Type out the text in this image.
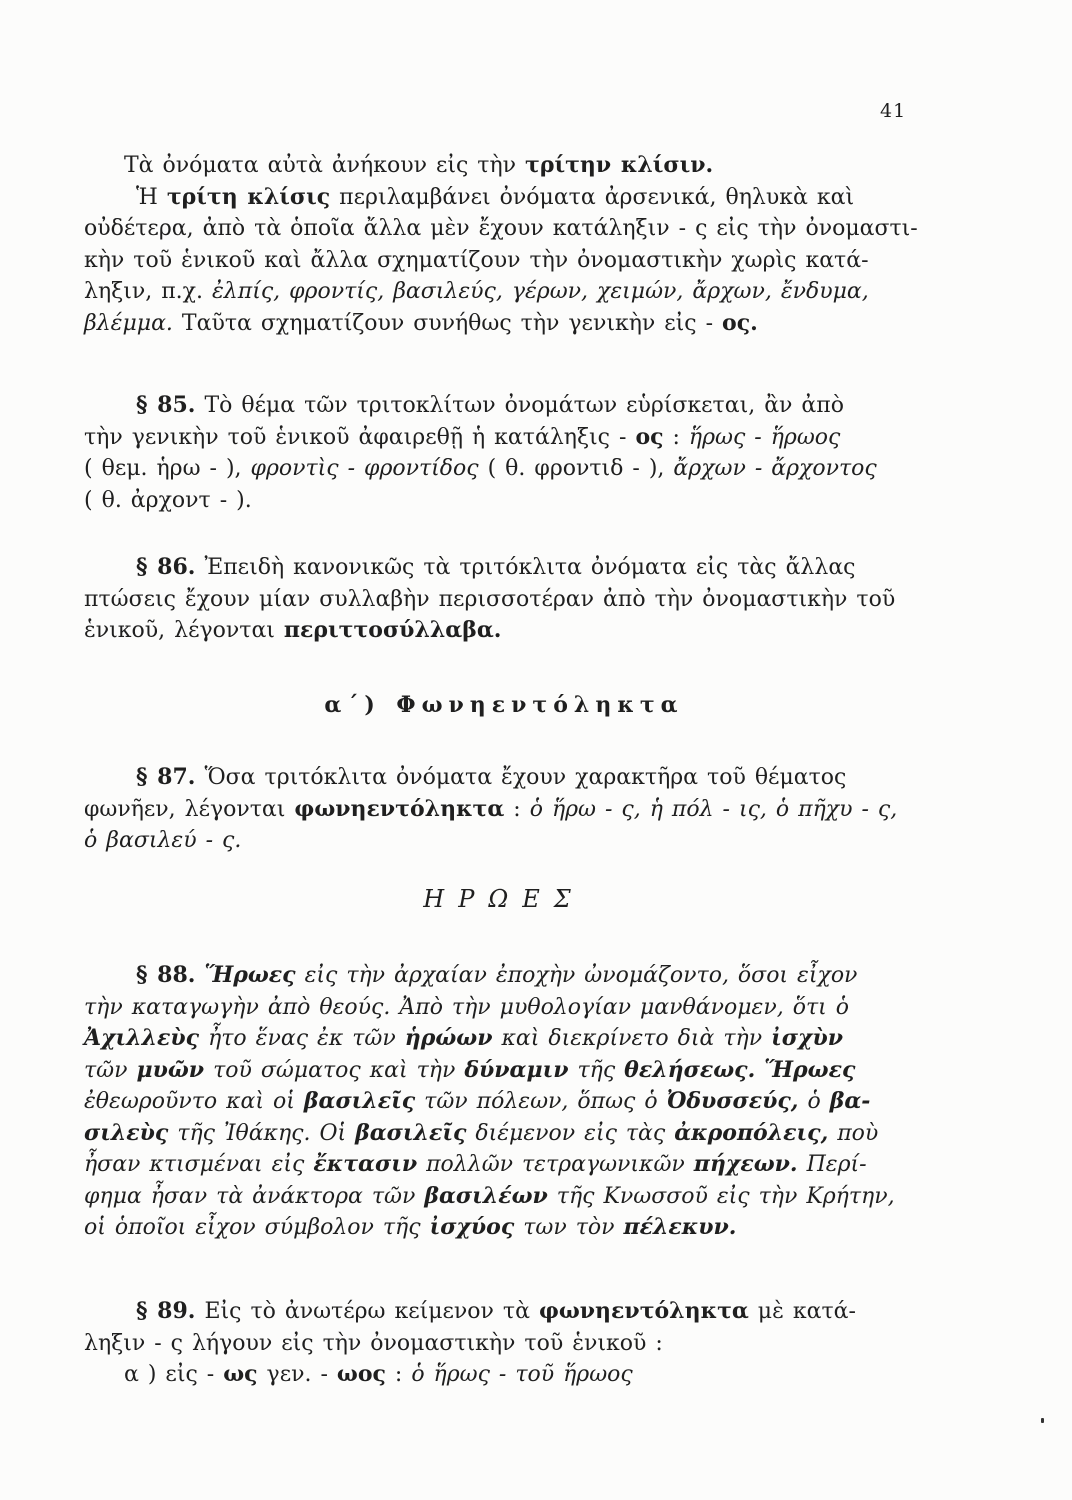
41
Τὰ ὀνόματα αὐτὰ ἀνήκουν εἰς τὴν τρίτην κλίσιν.
Ἡ τρίτη κλίσις περιλαμβάνει ὀνόματα ἀρσενικά, θηλυκὰ καὶ
οὐδέτερα, ἀπὸ τὰ ὁποῖα ἄλλα μὲν ἔχουν κατάληξιν - ς εἰς τὴν ὀνομαστι-
κὴν τοῦ ἑνικοῦ καὶ ἄλλα σχηματίζουν τὴν ὀνομαστικὴν χωρὶς κατά-
ληξιν, π.χ. ἐλπίς, φροντίς, βασιλεύς, γέρων, χειμών, ἄρχων, ἔνδυμα,
βλέμμα. Ταῦτα σχηματίζουν συνήθως τὴν γενικὴν εἰς - ος.
§ 85. Τὸ θέμα τῶν τριτοκλίτων ὀνομάτων εὑρίσκεται, ἂν ἀπὸ
τὴν γενικὴν τοῦ ἑνικοῦ ἀφαιρεθῇ ἡ κατάληξις - ος : ἥρως - ἥρωος
( θεμ. ἡρω - ), φροντὶς - φροντίδος ( θ. φροντιδ - ), ἄρχων - ἄρχοντος
( θ. ἀρχοντ - ).
§ 86. Ἐπειδὴ κανονικῶς τὰ τριτόκλιτα ὀνόματα εἰς τὰς ἄλλας
πτώσεις ἔχουν μίαν συλλαβὴν περισσοτέραν ἀπὸ τὴν ὀνομαστικὴν τοῦ
ἑνικοῦ, λέγονται περιττοσύλλαβα.
α΄) Φωνηεντόληκτα
§ 87. Ὅσα τριτόκλιτα ὀνόματα ἔχουν χαρακτῆρα τοῦ θέματος
φωνῆεν, λέγονται φωνηεντόληκτα : ὁ ἥρω - ς, ἡ πόλ - ις, ὁ πῆχυ - ς,
ὁ βασιλεύ - ς.
ΗΡΩΕΣ
§ 88. Ἥρωες εἰς τὴν ἀρχαίαν ἐποχὴν ὠνομάζοντο, ὅσοι εἶχον
τὴν καταγωγὴν ἀπὸ θεούς. Ἀπὸ τὴν μυθολογίαν μανθάνομεν, ὅτι ὁ
Ἀχιλλεὺς ἦτο ἕνας ἐκ τῶν ἡρώων καὶ διεκρίνετο διὰ τὴν ἰσχὺν
τῶν μυῶν τοῦ σώματος καὶ τὴν δύναμιν τῆς θελήσεως. Ἥρωες
ἐθεωροῦντο καὶ οἱ βασιλεῖς τῶν πόλεων, ὅπως ὁ Ὀδυσσεύς, ὁ βα-
σιλεὺς τῆς Ἰθάκης. Οἱ βασιλεῖς διέμενον εἰς τὰς ἀκροπόλεις, ποὺ
ἦσαν κτισμέναι εἰς ἔκτασιν πολλῶν τετραγωνικῶν πήχεων. Περί-
φημα ἦσαν τὰ ἀνάκτορα τῶν βασιλέων τῆς Κνωσσοῦ εἰς τὴν Κρήτην,
οἱ ὁποῖοι εἶχον σύμβολον τῆς ἰσχύος των τὸν πέλεκυν.
§ 89. Εἰς τὸ ἀνωτέρω κείμενον τὰ φωνηεντόληκτα μὲ κατά-
ληξιν - ς λήγουν εἰς τὴν ὀνομαστικὴν τοῦ ἑνικοῦ :
α ) εἰς - ως γεν. - ωος : ὁ ἥρως - τοῦ ἥρωος
